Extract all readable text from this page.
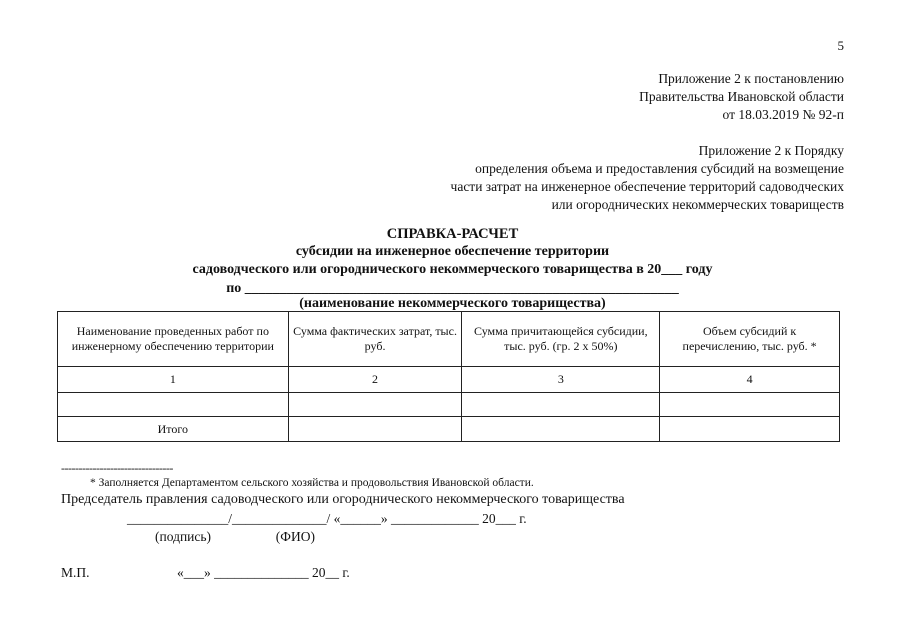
5
Приложение 2 к постановлению
Правительства Ивановской области
от 18.03.2019 № 92-п
Приложение 2 к Порядку
определения объема и предоставления субсидий на возмещение
части затрат на инженерное обеспечение территорий садоводческих
или огороднических некоммерческих товариществ
СПРАВКА-РАСЧЕТ
субсидии на инженерное обеспечение территории
садоводческого или огороднического некоммерческого товарищества в 20___ году
по ______________________________________________________________
(наименование некоммерческого товарищества)
Наименование проведенных работ по инженерному обеспечению территории	Сумма фактических затрат, тыс. руб.	Сумма причитающейся субсидии, тыс. руб. (гр. 2 x 50%)	Объем субсидий к перечислению, тыс. руб. *
1	2	3	4

Итого			
--------------------------------
* Заполняется Департаментом сельского хозяйства и продовольствия Ивановской области.
Председатель правления садоводческого или огороднического некоммерческого товарищества
_______________/______________/ «______» _____________ 20___ г.
(подпись)	(ФИО)
М.П.	«___» ______________ 20__ г.
